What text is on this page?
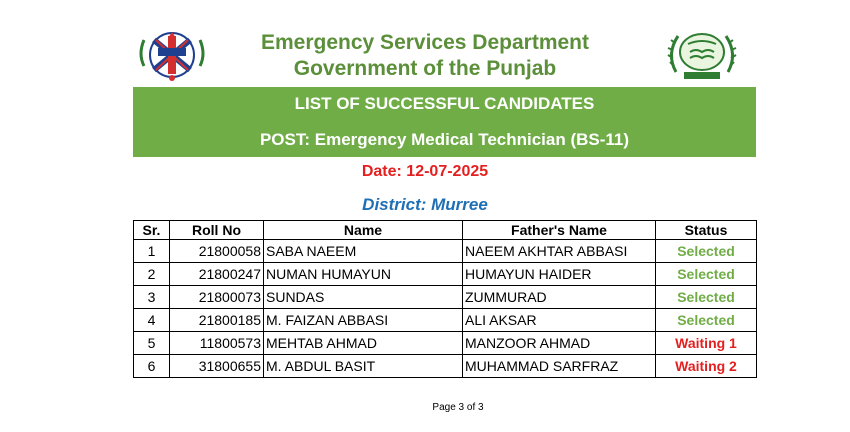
Emergency Services Department
Government of the Punjab
LIST OF SUCCESSFUL CANDIDATES
POST: Emergency Medical Technician (BS-11)
Date: 12-07-2025
District: Murree
Sr.	Roll No	Name	Father's Name	Status
1	21800058	SABA NAEEM	NAEEM AKHTAR ABBASI	Selected
2	21800247	NUMAN HUMAYUN	HUMAYUN HAIDER	Selected
3	21800073	SUNDAS	ZUMMURAD	Selected
4	21800185	M. FAIZAN ABBASI	ALI AKSAR	Selected
5	11800573	MEHTAB AHMAD	MANZOOR AHMAD	Waiting 1
6	31800655	M. ABDUL BASIT	MUHAMMAD SARFRAZ	Waiting 2
Page 3 of 3
